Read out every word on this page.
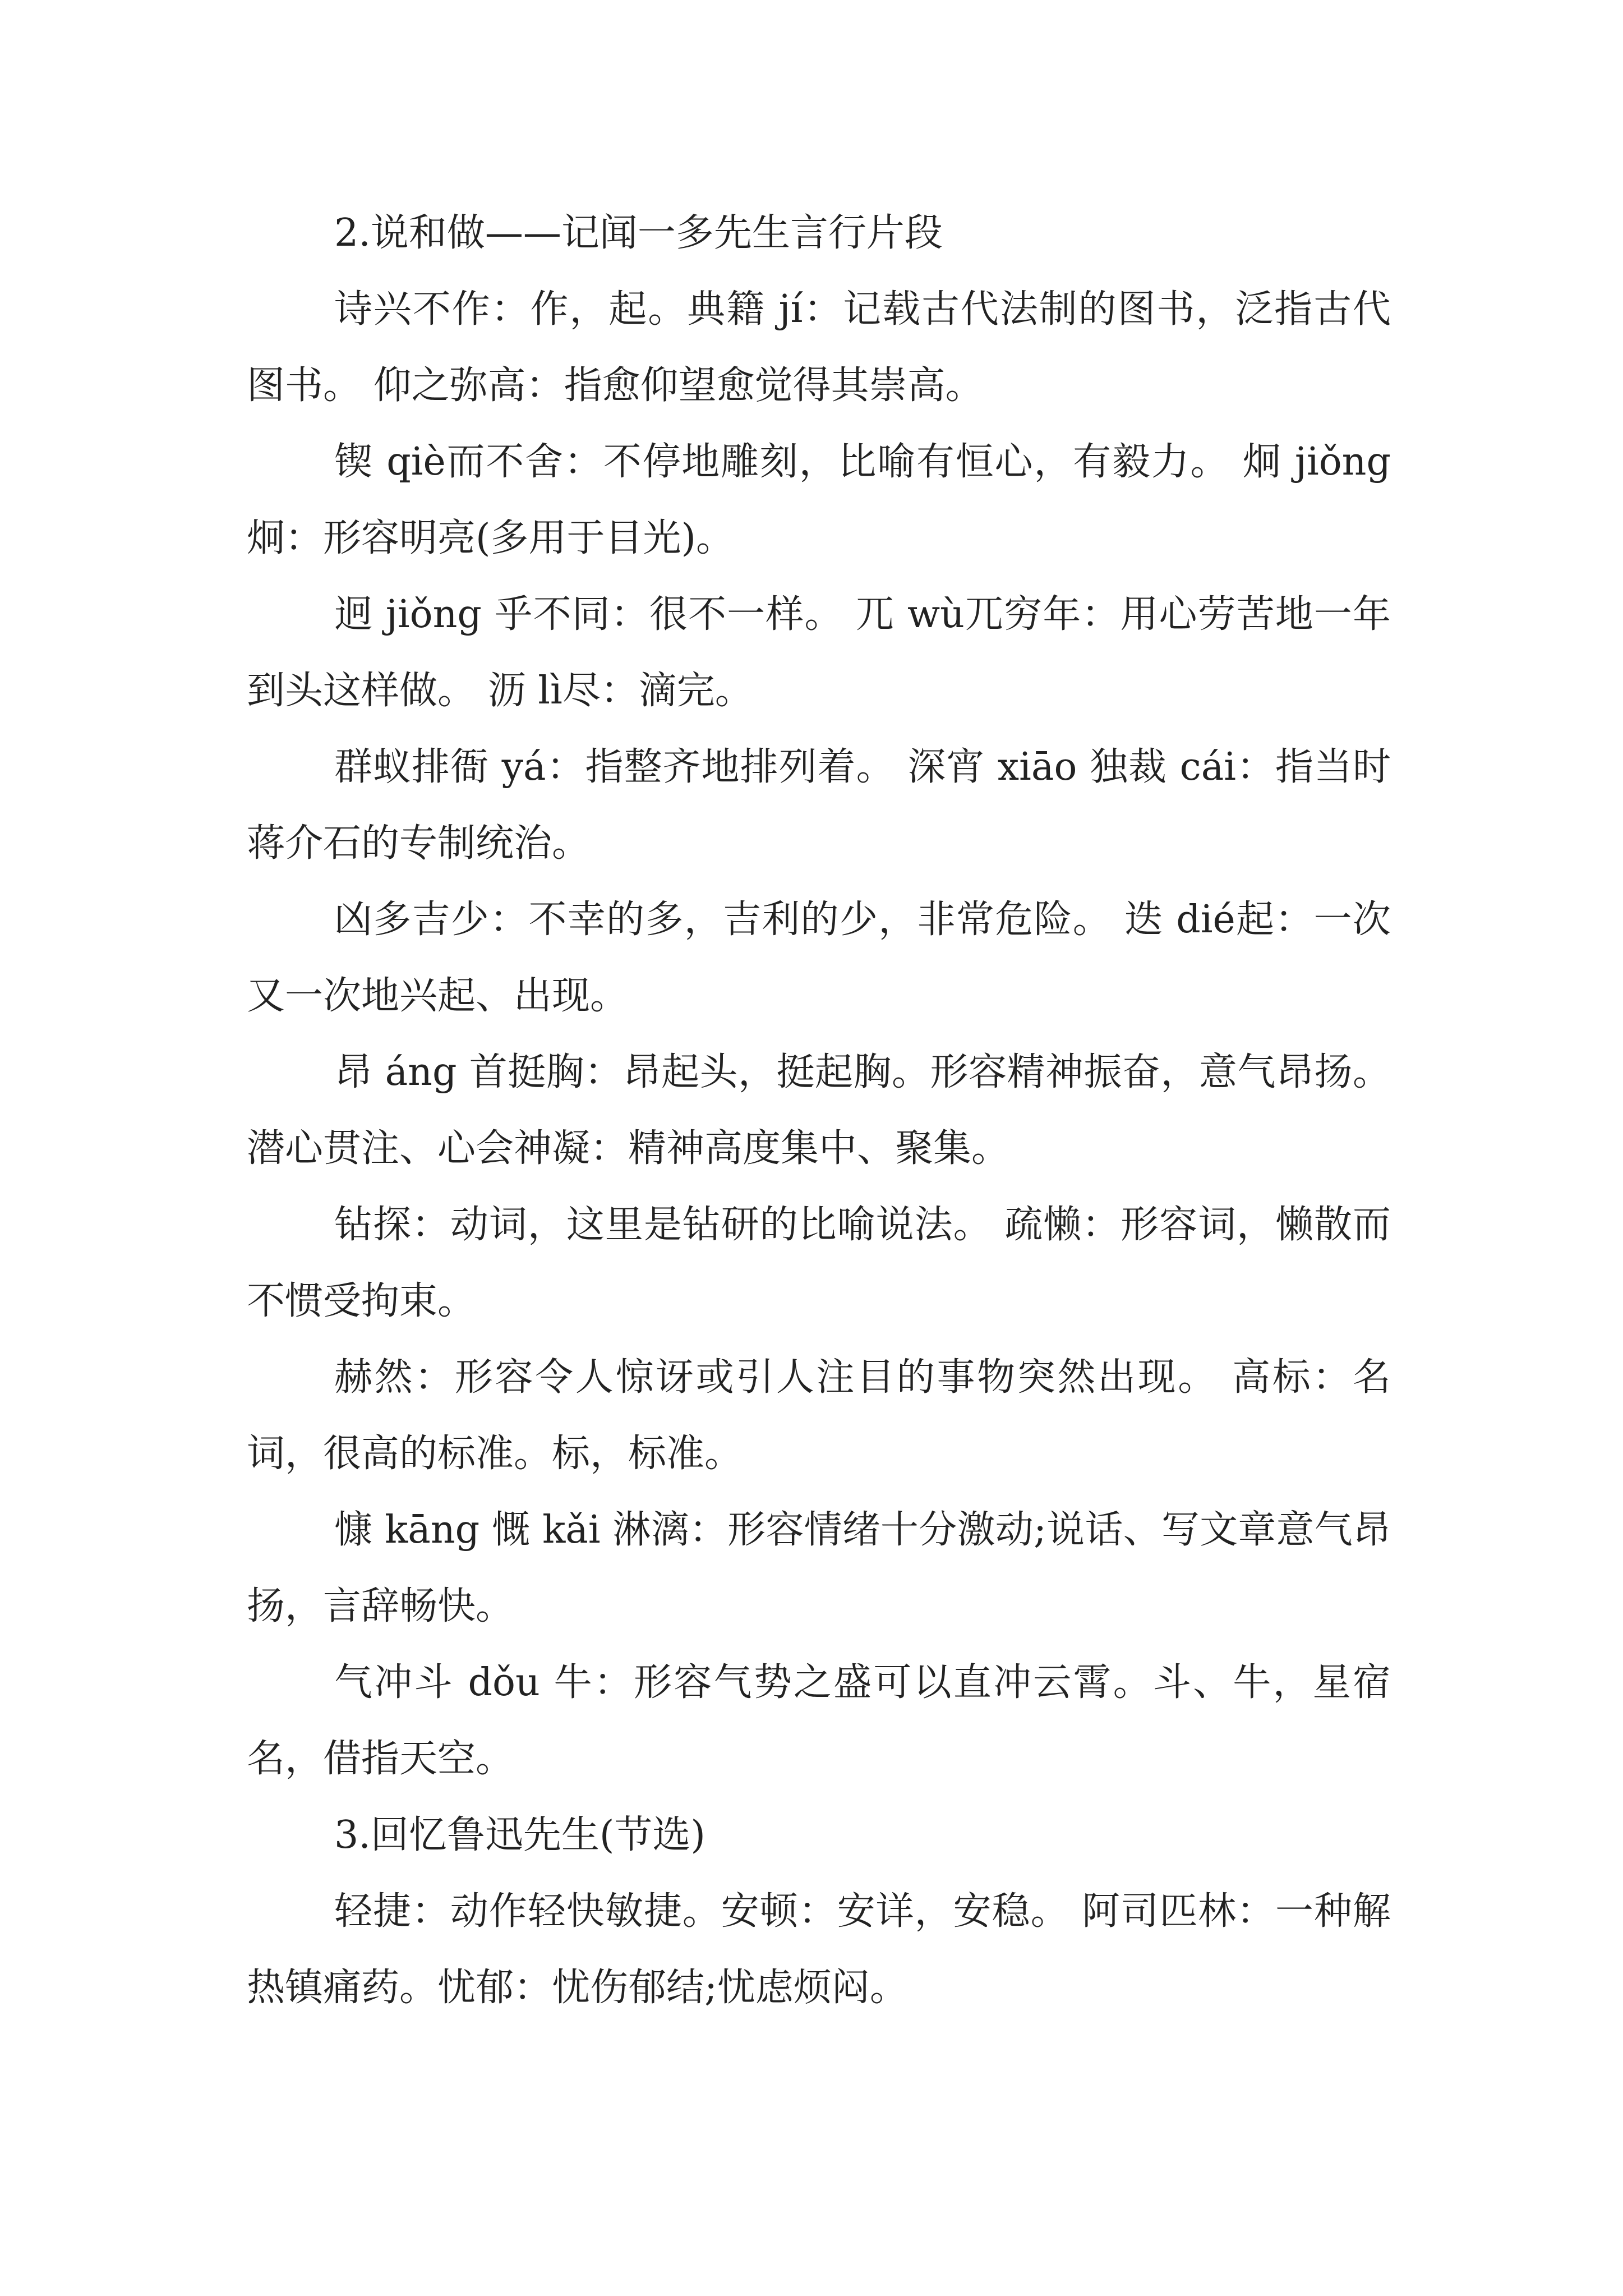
2.说和做——记闻一多先生言行片段

诗兴不作：作，起。典籍 jí：记载古代法制的图书，泛指古代图书。 仰之弥高：指愈仰望愈觉得其崇高。

锲 qiè而不舍：不停地雕刻，比喻有恒心，有毅力。 炯 jiǒng 炯：形容明亮(多用于目光)。

迥 jiǒng 乎不同：很不一样。 兀 wù兀穷年：用心劳苦地一年到头这样做。 沥 lì尽：滴完。

群蚁排衙 yá：指整齐地排列着。 深宵 xiāo 独裁 cái：指当时蒋介石的专制统治。

凶多吉少：不幸的多，吉利的少，非常危险。 迭 dié起：一次又一次地兴起、出现。

昂 áng 首挺胸：昂起头，挺起胸。形容精神振奋，意气昂扬。 潜心贯注、心会神凝：精神高度集中、聚集。

钻探：动词，这里是钻研的比喻说法。 疏懒：形容词，懒散而不惯受拘束。

赫然：形容令人惊讶或引人注目的事物突然出现。 高标：名词，很高的标准。标，标准。

慷 kāng 慨 kǎi 淋漓：形容情绪十分激动;说话、写文章意气昂扬，言辞畅快。

气冲斗 dǒu 牛：形容气势之盛可以直冲云霄。斗、牛，星宿名，借指天空。

3.回忆鲁迅先生(节选)

轻捷：动作轻快敏捷。安顿：安详，安稳。 阿司匹林：一种解热镇痛药。忧郁：忧伤郁结;忧虑烦闷。
